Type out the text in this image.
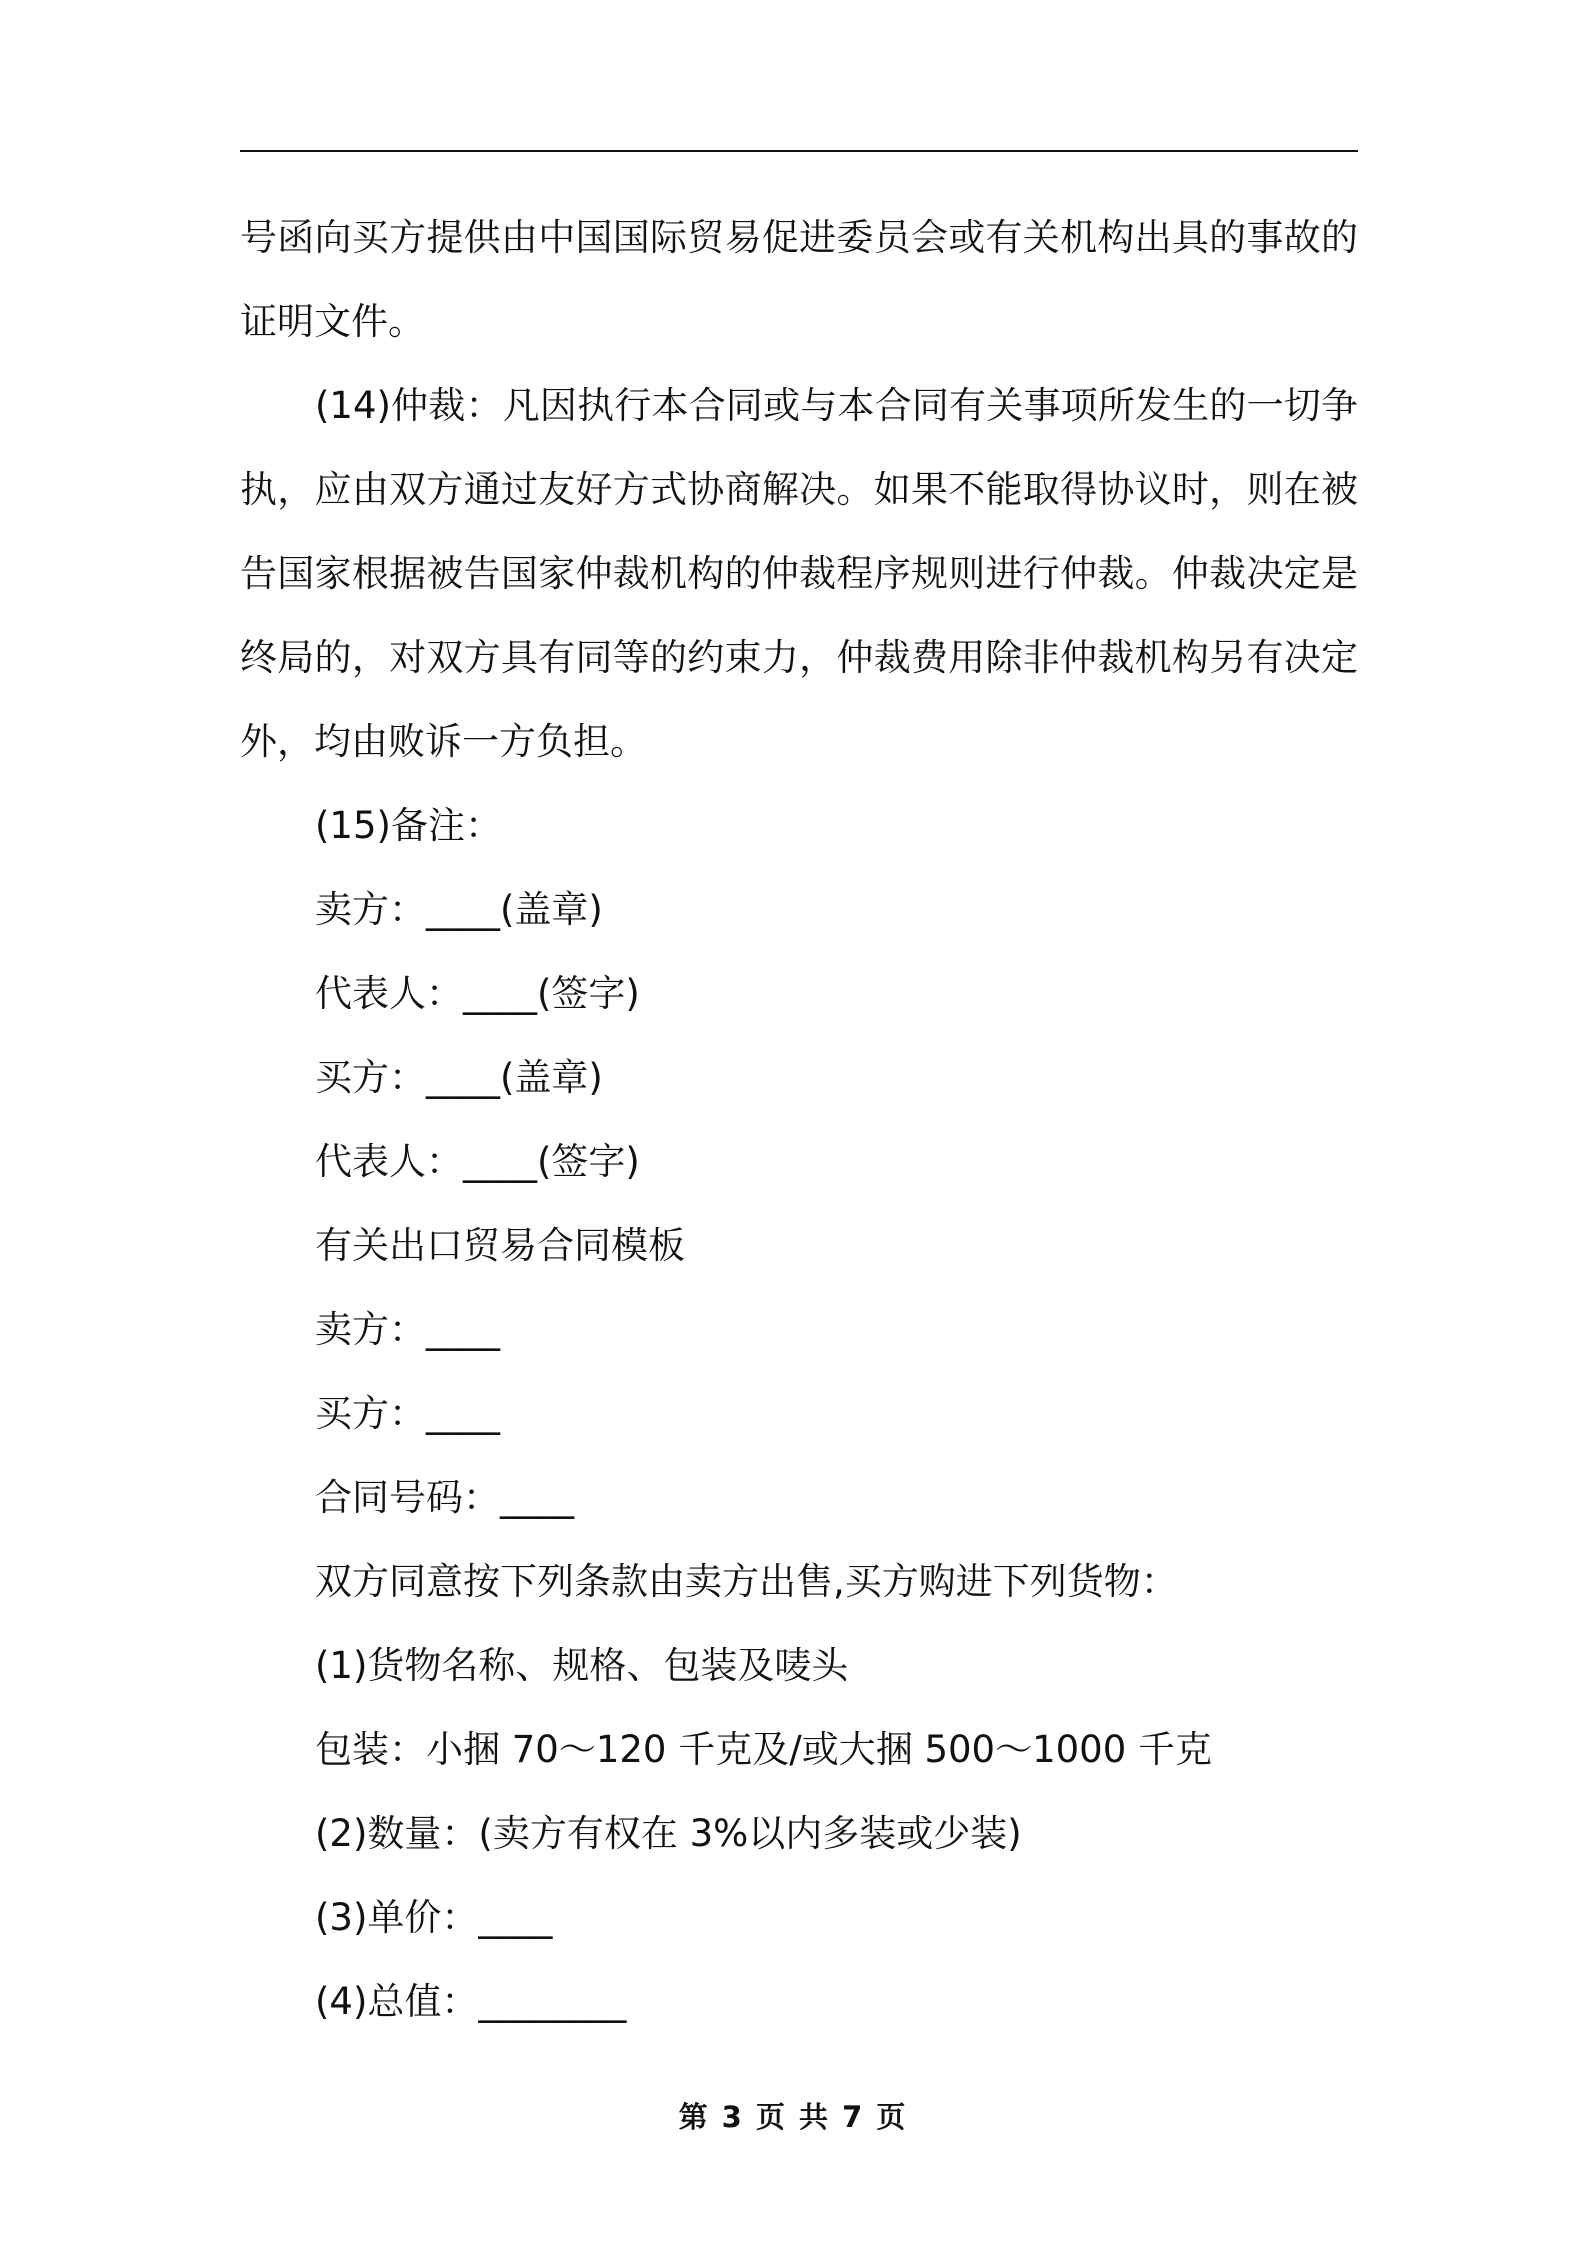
号函向买方提供由中国国际贸易促进委员会或有关机构出具的事故的证明文件。

(14)仲裁：凡因执行本合同或与本合同有关事项所发生的一切争执，应由双方通过友好方式协商解决。如果不能取得协议时，则在被告国家根据被告国家仲裁机构的仲裁程序规则进行仲裁。仲裁决定是终局的，对双方具有同等的约束力，仲裁费用除非仲裁机构另有决定外，均由败诉一方负担。

(15)备注：

卖方：____(盖章)

代表人：____(签字)

买方：____(盖章)

代表人：____(签字)

有关出口贸易合同模板

卖方：____

买方：____

合同号码：____

双方同意按下列条款由卖方出售,买方购进下列货物：

(1)货物名称、规格、包装及唛头

包装：小捆 70～120 千克及/或大捆 500～1000 千克

(2)数量：(卖方有权在 3%以内多装或少装)

(3)单价：____

(4)总值：________

第 3 页 共 7 页
